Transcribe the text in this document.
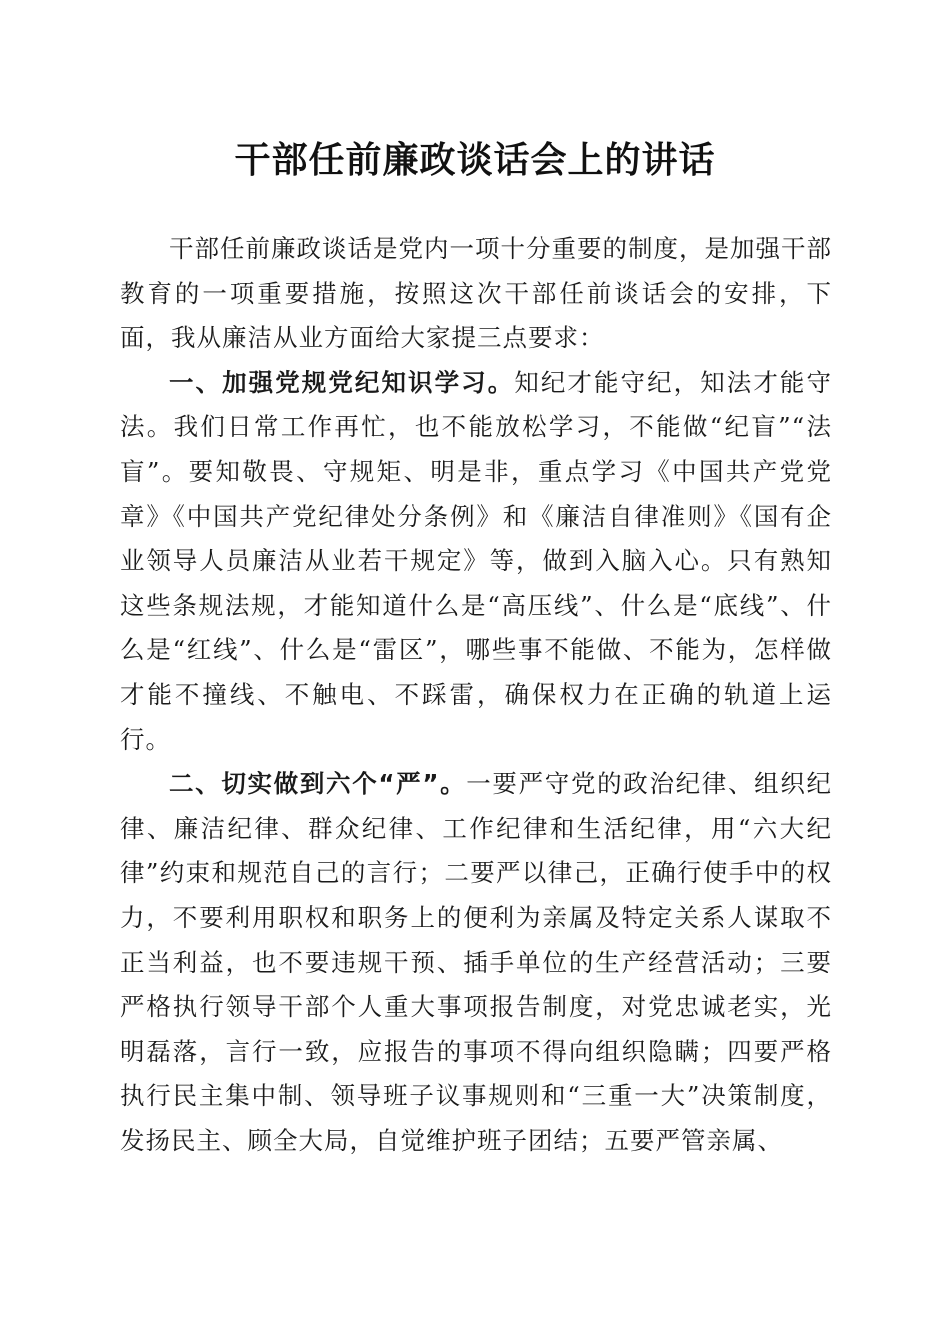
干部任前廉政谈话会上的讲话

干部任前廉政谈话是党内一项十分重要的制度，是加强干部教育的一项重要措施，按照这次干部任前谈话会的安排，下面，我从廉洁从业方面给大家提三点要求：

一、加强党规党纪知识学习。知纪才能守纪，知法才能守法。我们日常工作再忙，也不能放松学习，不能做“纪盲”“法盲”。要知敬畏、守规矩、明是非，重点学习《中国共产党党章》《中国共产党纪律处分条例》和《廉洁自律准则》《国有企业领导人员廉洁从业若干规定》等，做到入脑入心。只有熟知这些条规法规，才能知道什么是“高压线”、什么是“底线”、什么是“红线”、什么是“雷区”，哪些事不能做、不能为，怎样做才能不撞线、不触电、不踩雷，确保权力在正确的轨道上运行。

二、切实做到六个“严”。一要严守党的政治纪律、组织纪律、廉洁纪律、群众纪律、工作纪律和生活纪律，用“六大纪律”约束和规范自己的言行；二要严以律己，正确行使手中的权力，不要利用职权和职务上的便利为亲属及特定关系人谋取不正当利益，也不要违规干预、插手单位的生产经营活动；三要严格执行领导干部个人重大事项报告制度，对党忠诚老实，光明磊落，言行一致，应报告的事项不得向组织隐瞒；四要严格执行民主集中制、领导班子议事规则和“三重一大”决策制度，发扬民主、顾全大局，自觉维护班子团结；五要严管亲属、
